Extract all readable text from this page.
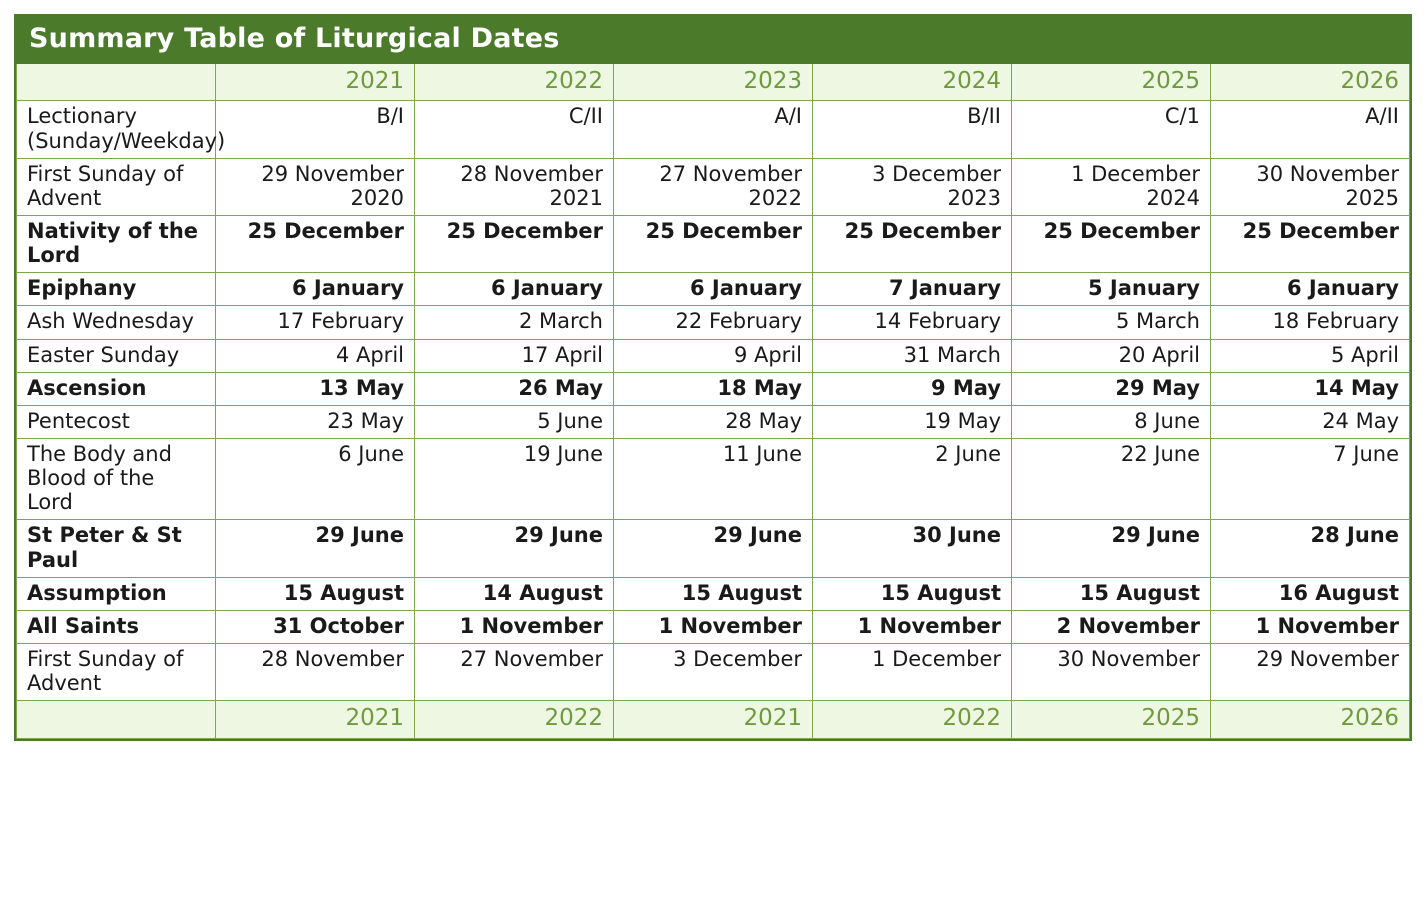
Summary Table of Liturgical Dates						
	2021	2022	2023	2024	2025	2026
Lectionary (Sunday/Weekday)	B/I	C/II	A/I	B/II	C/1	A/II
First Sunday of Advent	29 November 2020	28 November 2021	27 November 2022	3 December 2023	1 December 2024	30 November 2025
Nativity of the Lord	25 December	25 December	25 December	25 December	25 December	25 December
Epiphany	6 January	6 January	6 January	7 January	5 January	6 January
Ash Wednesday	17 February	2 March	22 February	14 February	5 March	18 February
Easter Sunday	4 April	17 April	9 April	31 March	20 April	5 April
Ascension	13 May	26 May	18 May	9 May	29 May	14 May
Pentecost	23 May	5 June	28 May	19 May	8 June	24 May
The Body and Blood of the Lord	6 June	19 June	11 June	2 June	22 June	7 June
St Peter & St Paul	29 June	29 June	29 June	30 June	29 June	28 June
Assumption	15 August	14 August	15 August	15 August	15 August	16 August
All Saints	31 October	1 November	1 November	1 November	2 November	1 November
First Sunday of Advent	28 November	27 November	3 December	1 December	30 November	29 November
	2021	2022	2021	2022	2025	2026
